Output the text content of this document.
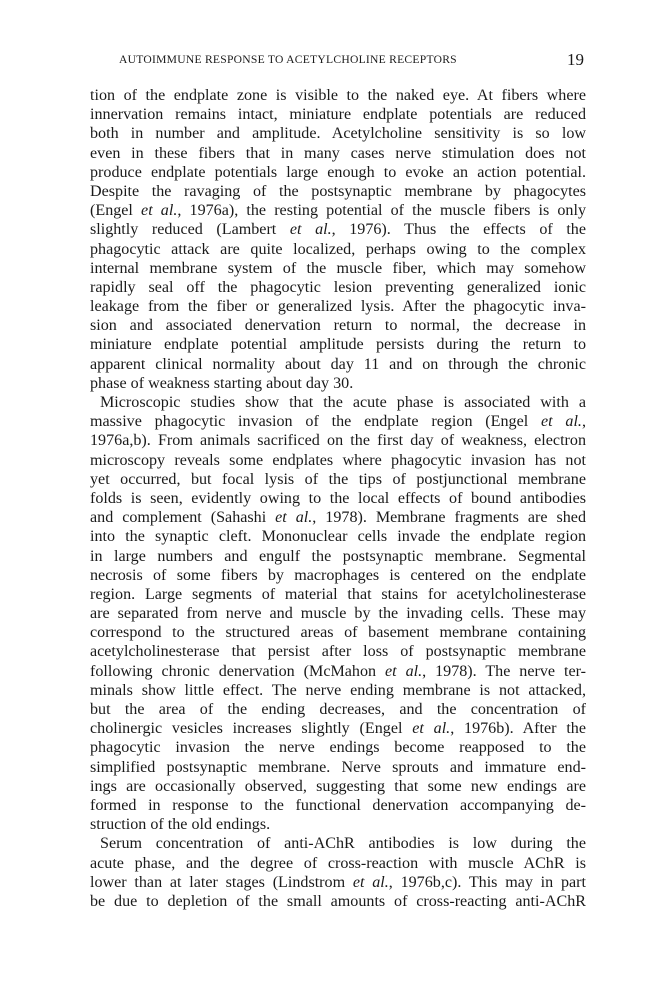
AUTOIMMUNE RESPONSE TO ACETYLCHOLINE RECEPTORS	19
tion of the endplate zone is visible to the naked eye. At fibers where
innervation remains intact, miniature endplate potentials are reduced
both in number and amplitude. Acetylcholine sensitivity is so low
even in these fibers that in many cases nerve stimulation does not
produce endplate potentials large enough to evoke an action potential.
Despite the ravaging of the postsynaptic membrane by phagocytes
(Engel et al., 1976a), the resting potential of the muscle fibers is only
slightly reduced (Lambert et al., 1976). Thus the effects of the
phagocytic attack are quite localized, perhaps owing to the complex
internal membrane system of the muscle fiber, which may somehow
rapidly seal off the phagocytic lesion preventing generalized ionic
leakage from the fiber or generalized lysis. After the phagocytic inva-
sion and associated denervation return to normal, the decrease in
miniature endplate potential amplitude persists during the return to
apparent clinical normality about day 11 and on through the chronic
phase of weakness starting about day 30.
Microscopic studies show that the acute phase is associated with a
massive phagocytic invasion of the endplate region (Engel et al.,
1976a,b). From animals sacrificed on the first day of weakness, electron
microscopy reveals some endplates where phagocytic invasion has not
yet occurred, but focal lysis of the tips of postjunctional membrane
folds is seen, evidently owing to the local effects of bound antibodies
and complement (Sahashi et al., 1978). Membrane fragments are shed
into the synaptic cleft. Mononuclear cells invade the endplate region
in large numbers and engulf the postsynaptic membrane. Segmental
necrosis of some fibers by macrophages is centered on the endplate
region. Large segments of material that stains for acetylcholinesterase
are separated from nerve and muscle by the invading cells. These may
correspond to the structured areas of basement membrane containing
acetylcholinesterase that persist after loss of postsynaptic membrane
following chronic denervation (McMahon et al., 1978). The nerve ter-
minals show little effect. The nerve ending membrane is not attacked,
but the area of the ending decreases, and the concentration of
cholinergic vesicles increases slightly (Engel et al., 1976b). After the
phagocytic invasion the nerve endings become reapposed to the
simplified postsynaptic membrane. Nerve sprouts and immature end-
ings are occasionally observed, suggesting that some new endings are
formed in response to the functional denervation accompanying de-
struction of the old endings.
Serum concentration of anti-AChR antibodies is low during the
acute phase, and the degree of cross-reaction with muscle AChR is
lower than at later stages (Lindstrom et al., 1976b,c). This may in part
be due to depletion of the small amounts of cross-reacting anti-AChR
